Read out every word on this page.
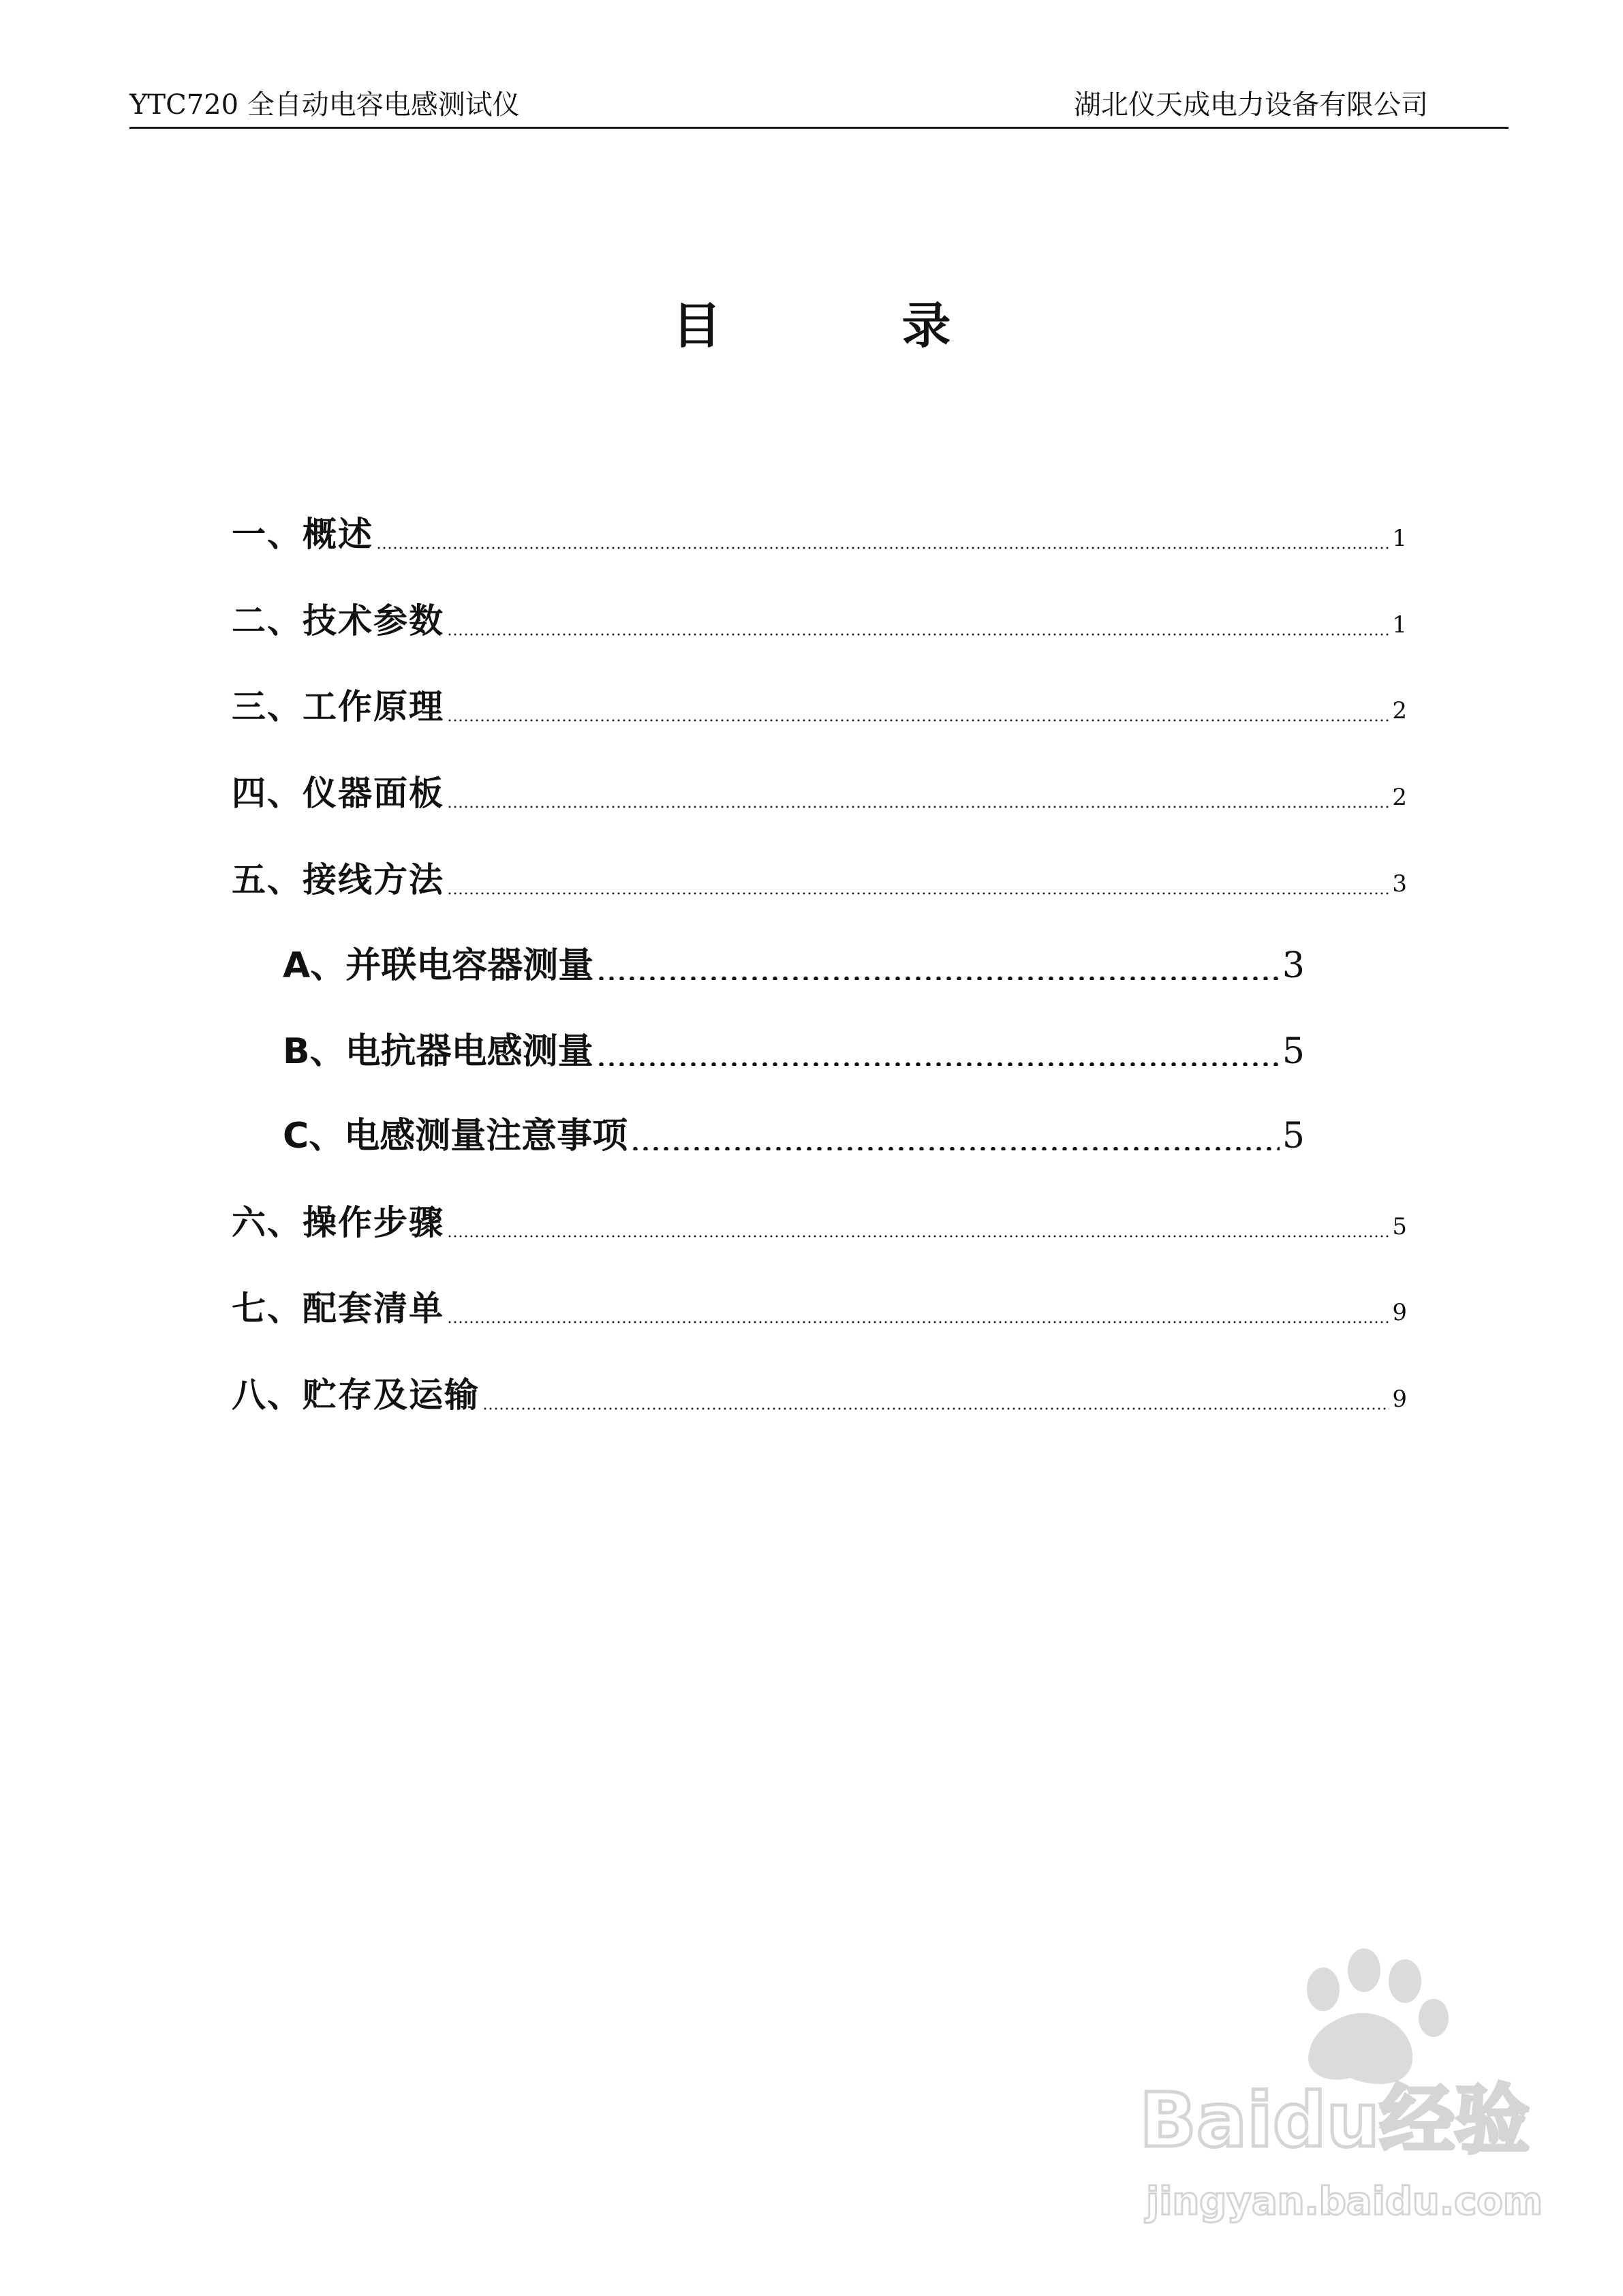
YTC720 全自动电容电感测试仪	湖北仪天成电力设备有限公司
目 录
一、概述	1
二、技术参数	1
三、工作原理	2
四、仪器面板	2
五、接线方法	3
A、并联电容器测量	3
B、电抗器电感测量	5
C、电感测量注意事项	5
六、操作步骤	5
七、配套清单	9
八、贮存及运输	9
Baidu经验
jingyan.baidu.com
